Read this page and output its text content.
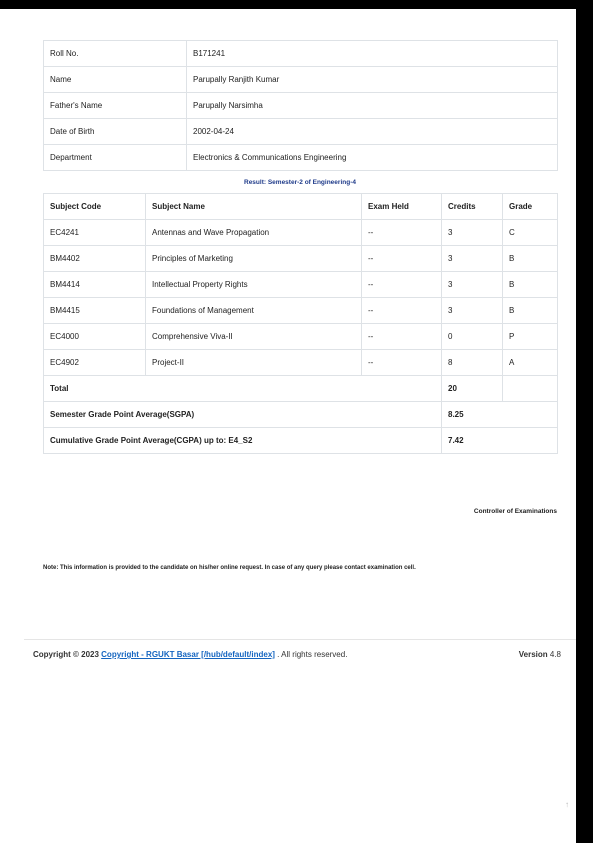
Roll No.	B171241
Name	Parupally Ranjith Kumar
Father's Name	Parupally Narsimha
Date of Birth	2002-04-24
Department	Electronics & Communications Engineering
Result: Semester-2 of Engineering-4
Subject Code	Subject Name	Exam Held	Credits	Grade
EC4241	Antennas and Wave Propagation	--	3	C
BM4402	Principles of Marketing	--	3	B
BM4414	Intellectual Property Rights	--	3	B
BM4415	Foundations of Management	--	3	B
EC4000	Comprehensive Viva-II	--	0	P
EC4902	Project-II	--	8	A
Total			20	
Semester Grade Point Average(SGPA)			8.25	
Cumulative Grade Point Average(CGPA) up to: E4_S2			7.42	
Controller of Examinations
Note: This information is provided to the candidate on his/her online request. In case of any query please contact examination cell.
Copyright © 2023 Copyright - RGUKT Basar [/hub/default/index] . All rights reserved.	Version 4.8
↑
